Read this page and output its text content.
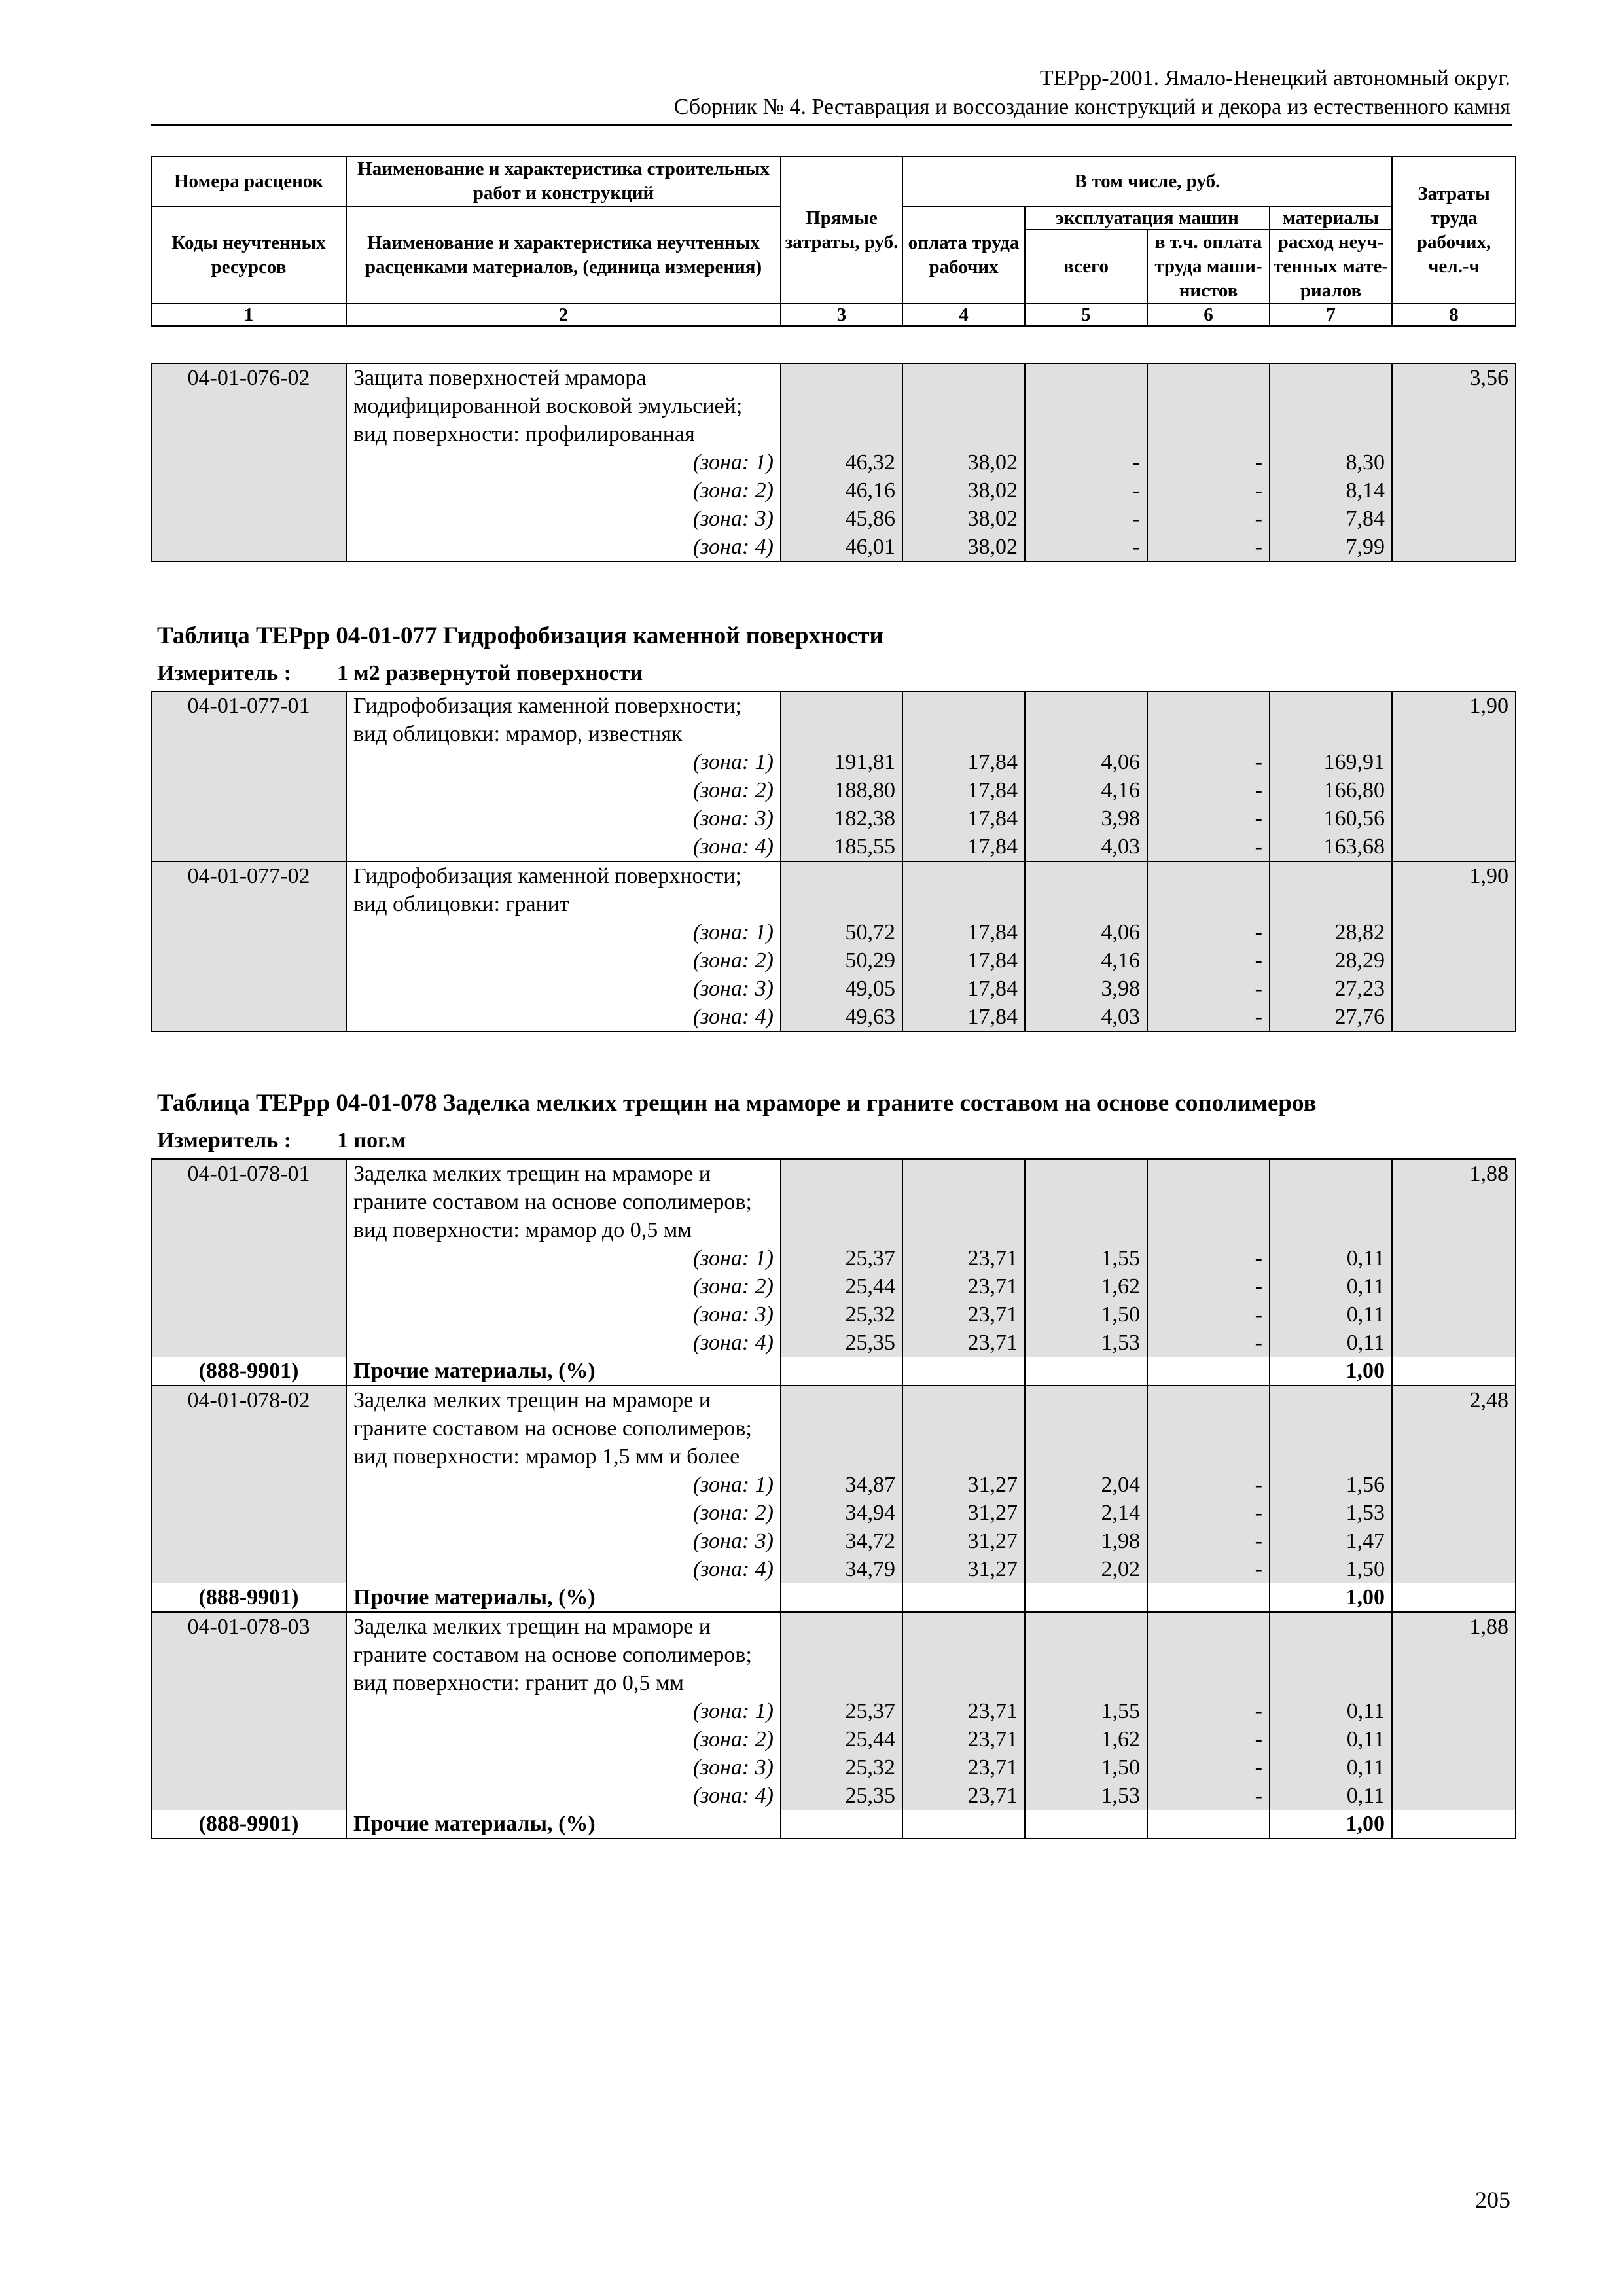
ТЕРрр-2001. Ямало-Ненецкий автономный округ.
Сборник № 4. Реставрация и воссоздание конструкций и декора из естественного камня
Номера расценок	Наименование и характеристика строительных работ и конструкций	Прямые затраты, руб.	В том числе, руб.				Затраты труда рабочих, чел.-ч
Коды неучтенных ресурсов	Наименование и характеристика неучтенных расценками материалов, (единица измерения)		оплата труда рабочих	эксплуатация машин		материалы	
				всего	в т.ч. оплата труда маши- нистов	расход неуч- тенных мате- риалов	
1	2	3	4	5	6	7	8
04-01-076-02	Защита поверхностей мрамора модифицированной восковой эмульсией; вид поверхности: профилированная						3,56
	(зона: 1)	46,32	38,02	-	-	8,30	
	(зона: 2)	46,16	38,02	-	-	8,14	
	(зона: 3)	45,86	38,02	-	-	7,84	
	(зона: 4)	46,01	38,02	-	-	7,99	
Таблица ТЕРрр 04-01-077 Гидрофобизация каменной поверхности
Измеритель : 1 м2 развернутой поверхности
04-01-077-01	Гидрофобизация каменной поверхности; вид облицовки: мрамор, известняк						1,90
	(зона: 1)	191,81	17,84	4,06	-	169,91	
	(зона: 2)	188,80	17,84	4,16	-	166,80	
	(зона: 3)	182,38	17,84	3,98	-	160,56	
	(зона: 4)	185,55	17,84	4,03	-	163,68	
04-01-077-02	Гидрофобизация каменной поверхности; вид облицовки: гранит						1,90
	(зона: 1)	50,72	17,84	4,06	-	28,82	
	(зона: 2)	50,29	17,84	4,16	-	28,29	
	(зона: 3)	49,05	17,84	3,98	-	27,23	
	(зона: 4)	49,63	17,84	4,03	-	27,76	
Таблица ТЕРрр 04-01-078 Заделка мелких трещин на мраморе и граните составом на основе сополимеров
Измеритель : 1 пог.м
04-01-078-01	Заделка мелких трещин на мраморе и граните составом на основе сополимеров; вид поверхности: мрамор до 0,5 мм						1,88
	(зона: 1)	25,37	23,71	1,55	-	0,11	
	(зона: 2)	25,44	23,71	1,62	-	0,11	
	(зона: 3)	25,32	23,71	1,50	-	0,11	
	(зона: 4)	25,35	23,71	1,53	-	0,11	
(888-9901)	Прочие материалы, (%)					1,00	
04-01-078-02	Заделка мелких трещин на мраморе и граните составом на основе сополимеров; вид поверхности: мрамор 1,5 мм и более						2,48
	(зона: 1)	34,87	31,27	2,04	-	1,56	
	(зона: 2)	34,94	31,27	2,14	-	1,53	
	(зона: 3)	34,72	31,27	1,98	-	1,47	
	(зона: 4)	34,79	31,27	2,02	-	1,50	
(888-9901)	Прочие материалы, (%)					1,00	
04-01-078-03	Заделка мелких трещин на мраморе и граните составом на основе сополимеров; вид поверхности: гранит до 0,5 мм						1,88
	(зона: 1)	25,37	23,71	1,55	-	0,11	
	(зона: 2)	25,44	23,71	1,62	-	0,11	
	(зона: 3)	25,32	23,71	1,50	-	0,11	
	(зона: 4)	25,35	23,71	1,53	-	0,11	
(888-9901)	Прочие материалы, (%)					1,00	
205
